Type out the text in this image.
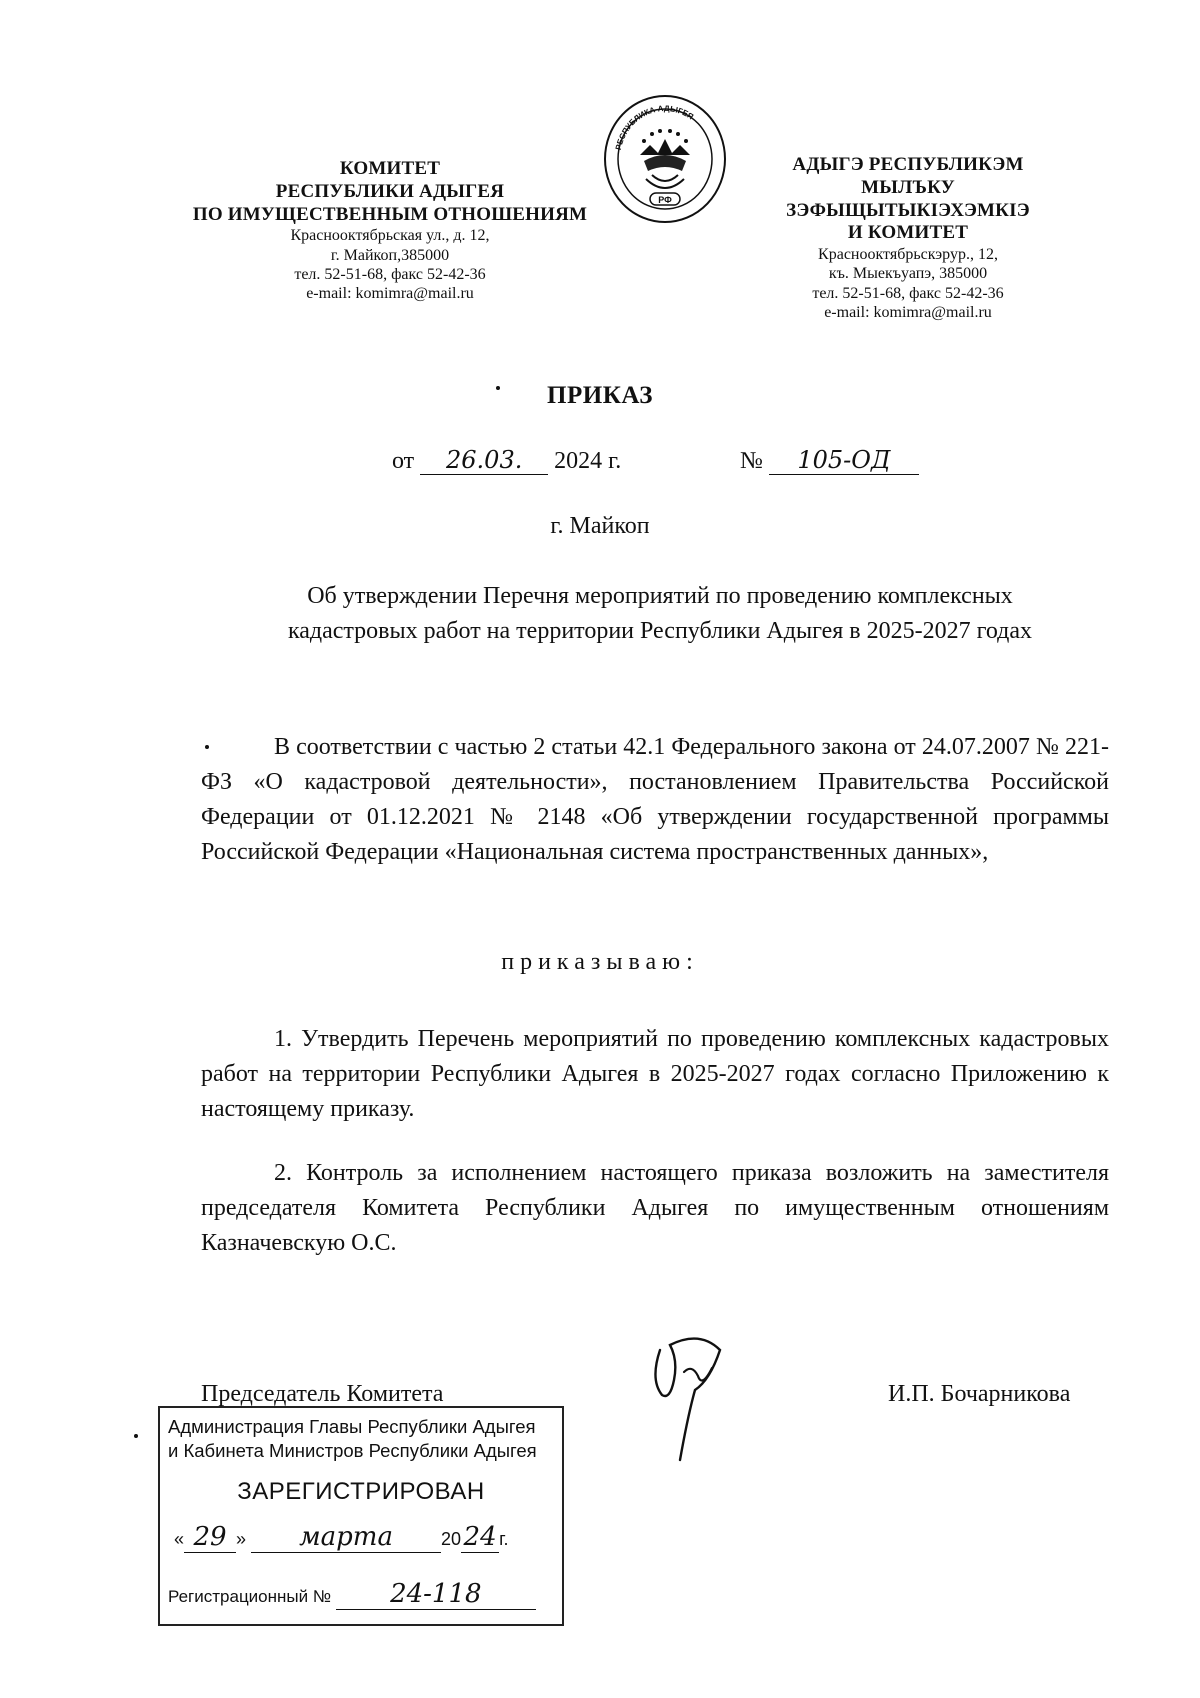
КОМИТЕТ
РЕСПУБЛИКИ АДЫГЕЯ
ПО ИМУЩЕСТВЕННЫМ ОТНОШЕНИЯМ
Краснооктябрьская ул., д. 12,
г. Майкоп,385000
тел. 52-51-68, факс 52-42-36
e-mail: komimra@mail.ru
РЕСПУБЛИКА АДЫГЕЯ
РФ
АДЫГЭ РЕСПУБЛИКЭМ
МЫЛЪКУ ЗЭФЫЩЫТЫКIЭХЭМКIЭ
И КОМИТЕТ
Краснооктябрьскэрур., 12,
къ. Мыекъуапэ, 385000
тел. 52-51-68, факс 52-42-36
e-mail: komimra@mail.ru
ПРИКАЗ
от 26.03. 2024 г.	№ 105-ОД
г. Майкоп
Об утверждении Перечня мероприятий по проведению комплексных
кадастровых работ на территории Республики Адыгея в 2025-2027 годах
В соответствии с частью 2 статьи 42.1 Федерального закона от 24.07.2007 № 221-ФЗ «О кадастровой деятельности», постановлением Правительства Российской Федерации от 01.12.2021 № 2148 «Об утверждении государственной программы Российской Федерации «Национальная система пространственных данных»,
приказываю:
1. Утвердить Перечень мероприятий по проведению комплексных кадастровых работ на территории Республики Адыгея в 2025-2027 годах согласно Приложению к настоящему приказу.
2. Контроль за исполнением настоящего приказа возложить на заместителя председателя Комитета Республики Адыгея по имущественным отношениям Казначевскую О.С.
Председатель Комитета	И.П. Бочарникова
Администрация Главы Республики Адыгея
и Кабинета Министров Республики Адыгея
ЗАРЕГИСТРИРОВАН
« 29 » марта	2024 г.
Регистрационный № 24-118
